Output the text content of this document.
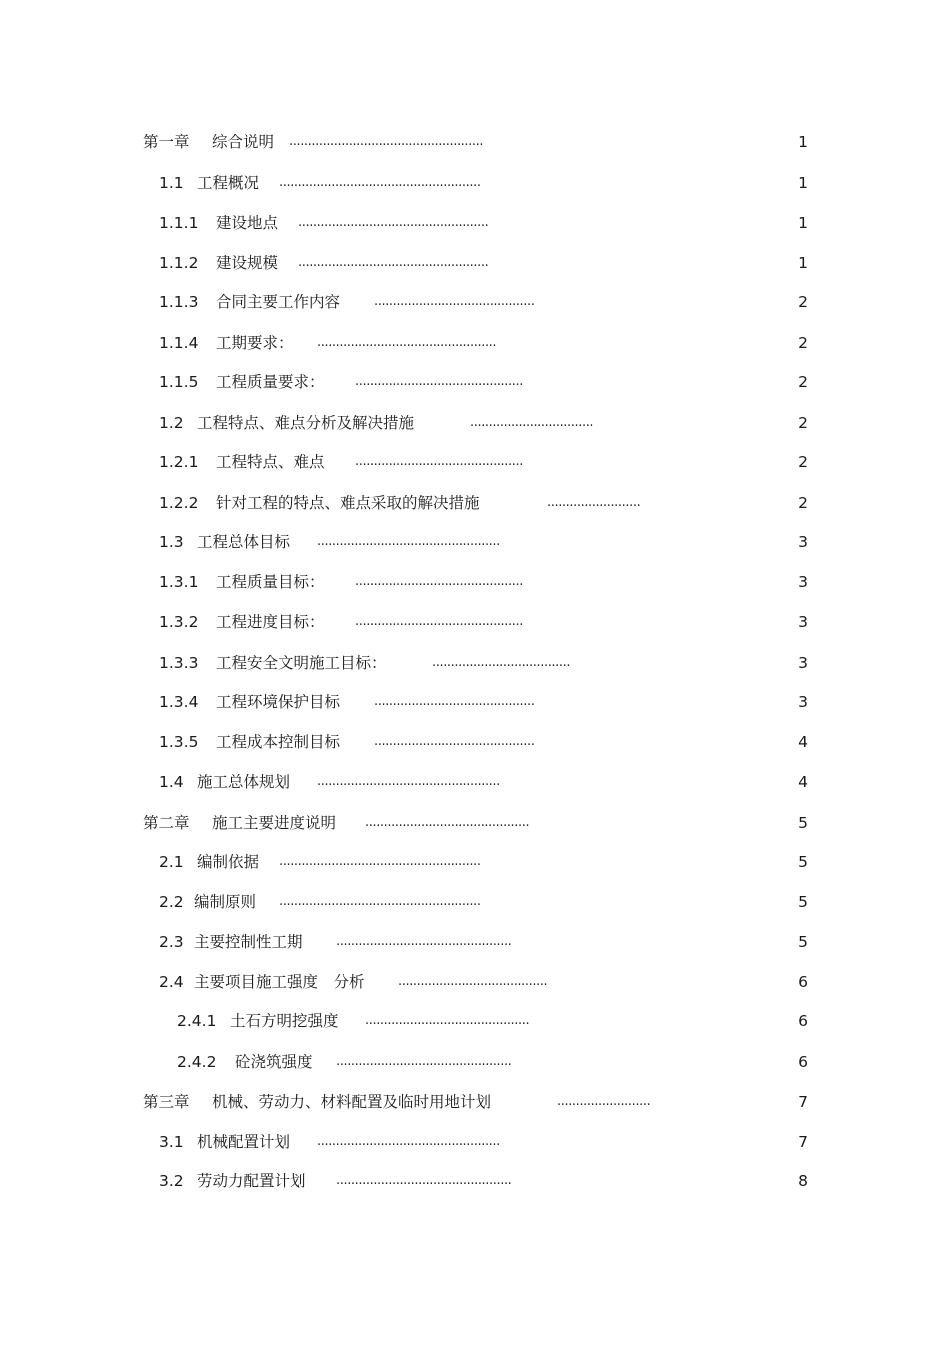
第一章 综合说明 ....................................................	1
1.1 工程概况 ......................................................	1
1.1.1 建设地点 ...................................................	1
1.1.2 建设规模 ...................................................	1
1.1.3 合同主要工作内容	...........................................	2
1.1.4 工期要求： ................................................	2
1.1.5 工程质量要求： .............................................	2
1.2 工程特点、难点分析及解决措施	.................................	2
1.2.1 工程特点、难点 .............................................	2
1.2.2 针对工程的特点、难点采取的解决措施	.........................	2
1.3 工程总体目标 .................................................	3
1.3.1 工程质量目标： .............................................	3
1.3.2 工程进度目标： .............................................	3
1.3.3 工程安全文明施工目标：	.....................................	3
1.3.4 工程环境保护目标	...........................................	3
1.3.5 工程成本控制目标	...........................................	4
1.4 施工总体规划 .................................................	4
第二章 施工主要进度说明 ............................................	5
2.1 编制依据 ......................................................	5
2.2 编制原则 ......................................................	5
2.3 主要控制性工期	...............................................	5
2.4 主要项目施工强度　分析	........................................	6
2.4.1 土石方明挖强度 ............................................	6
2.4.2 砼浇筑强度 ...............................................	6
第三章 机械、劳动力、材料配置及临时用地计划	.........................	7
3.1 机械配置计划 .................................................	7
3.2 劳动力配置计划 ...............................................	8
